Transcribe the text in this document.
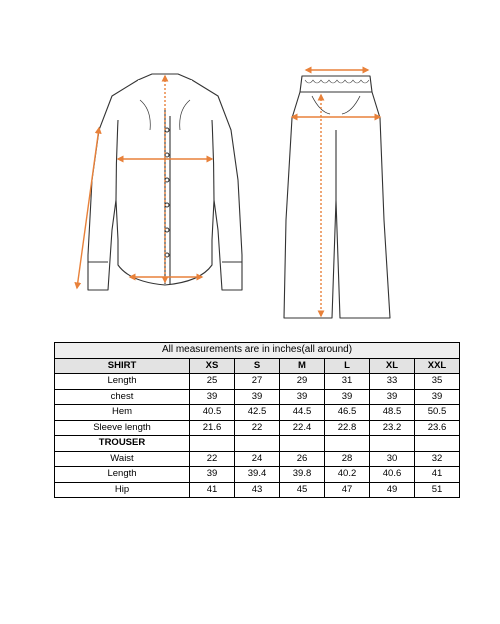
All measurements are in inches(all around)						
SHIRT	XS	S	M	L	XL	XXL
Length	25	27	29	31	33	35
chest	39	39	39	39	39	39
Hem	40.5	42.5	44.5	46.5	48.5	50.5
Sleeve length	21.6	22	22.4	22.8	23.2	23.6
TROUSER						
Waist	22	24	26	28	30	32
Length	39	39.4	39.8	40.2	40.6	41
Hip	41	43	45	47	49	51
